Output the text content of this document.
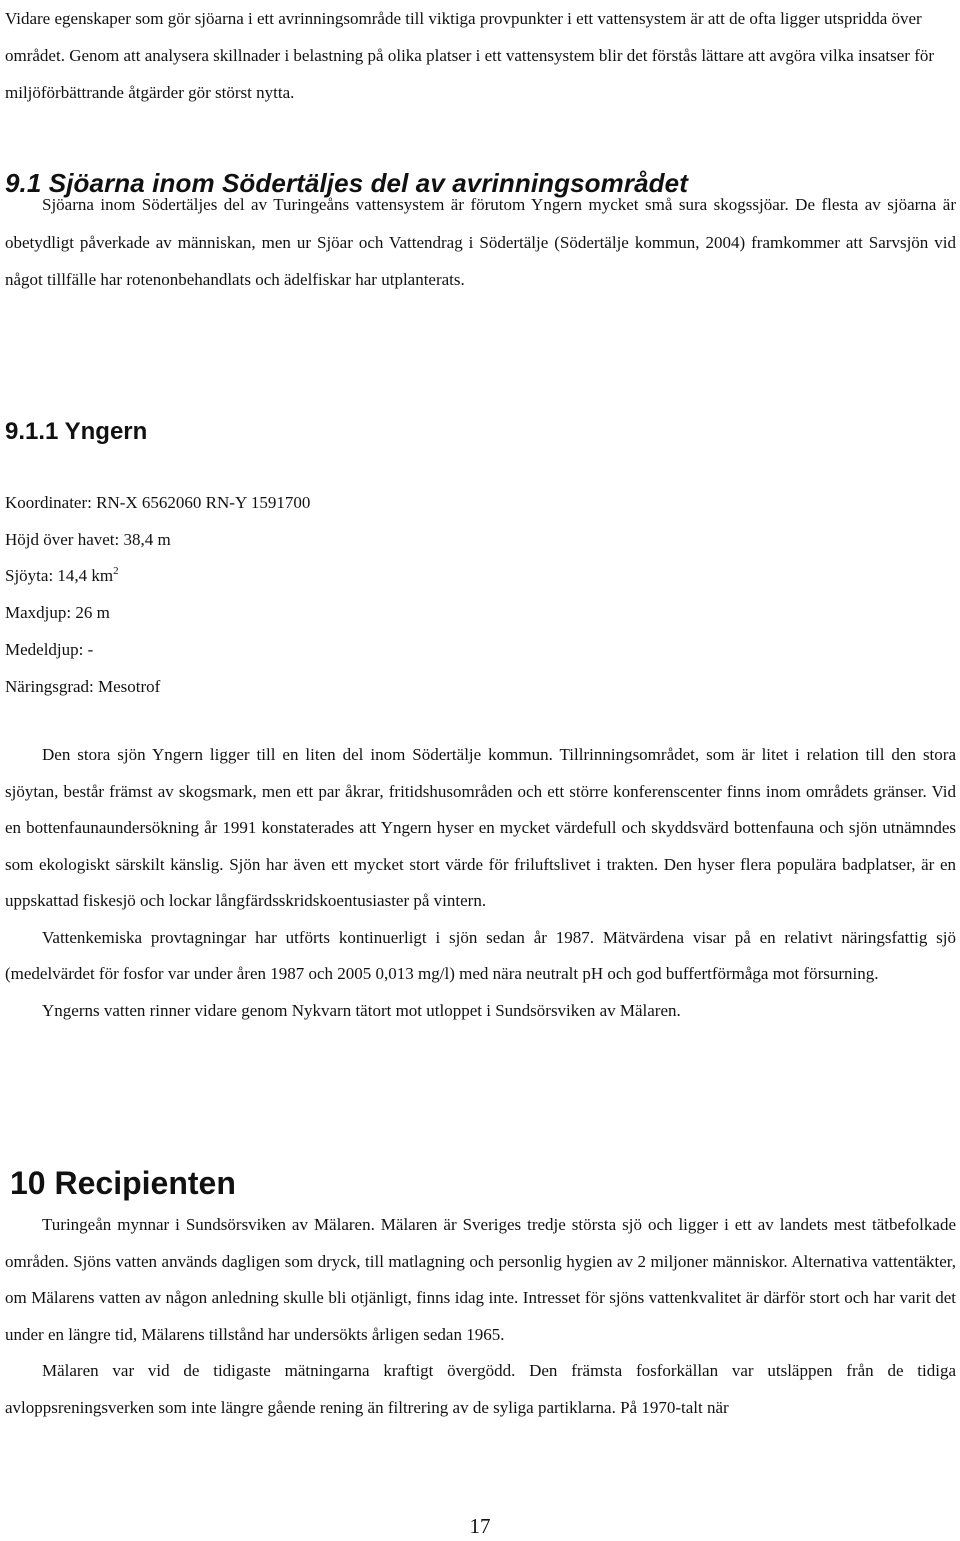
Vidare egenskaper som gör sjöarna i ett avrinningsområde till viktiga provpunkter i ett vattensystem är att de ofta ligger utspridda över området. Genom att analysera skillnader i belastning på olika platser i ett vattensystem blir det förstås lättare att avgöra vilka insatser för miljöförbättrande åtgärder gör störst nytta.
9.1 Sjöarna inom Södertäljes del av avrinningsområdet
Sjöarna inom Södertäljes del av Turingeåns vattensystem är förutom Yngern mycket små sura skogssjöar. De flesta av sjöarna är obetydligt påverkade av människan, men ur Sjöar och Vattendrag i Södertälje (Södertälje kommun, 2004) framkommer att Sarvsjön vid något tillfälle har rotenonbehandlats och ädelfiskar har utplanterats.
9.1.1 Yngern
Koordinater: RN-X 6562060 RN-Y 1591700
Höjd över havet: 38,4 m
Sjöyta: 14,4 $km^2$
Maxdjup: 26 m
Medeldjup: -
Näringsgrad: Mesotrof

Den stora sjön Yngern ligger till en liten del inom Södertälje kommun. Tillrinningsområdet, som är litet i relation till den stora sjöytan, består främst av skogsmark, men ett par åkrar, fritidshusområden och ett större konferenscenter finns inom områdets gränser. Vid en bottenfaunaundersökning år 1991 konstaterades att Yngern hyser en mycket värdefull och skyddsvärd bottenfauna och sjön utnämndes som ekologiskt särskilt känslig. Sjön har även ett mycket stort värde för friluftslivet i trakten. Den hyser flera populära badplatser, är en uppskattad fiskesjö och lockar långfärdsskridskoentusiaster på vintern.

Vattenkemiska provtagningar har utförts kontinuerligt i sjön sedan år 1987. Mätvärdena visar på en relativt näringsfattig sjö (medelvärdet för fosfor var under åren 1987 och 2005 0,013 mg/l) med nära neutralt pH och god buffertförmåga mot försurning.

Yngerns vatten rinner vidare genom Nykvarn tätort mot utloppet i Sundsörsviken av Mälaren.

10 Recipienten

Turingeån mynnar i Sundsörsviken av Mälaren. Mälaren är Sveriges tredje största sjö och ligger i ett av landets mest tätbefolkade områden. Sjöns vatten används dagligen som dryck, till matlagning och personlig hygien av 2 miljoner människor. Alternativa vattentäkter, om Mälarens vatten av någon anledning skulle bli otjänligt, finns idag inte. Intresset för sjöns vattenkvalitet är därför stort och har varit det under en längre tid, Mälarens tillstånd har undersökts årligen sedan 1965.

Mälaren var vid de tidigaste mätningarna kraftigt övergödd. Den främsta fosforkällan var utsläppen från de tidiga avloppsreningsverken som inte längre gående rening än filtrering av de syliga partiklarna. På 1970-talt när

17
